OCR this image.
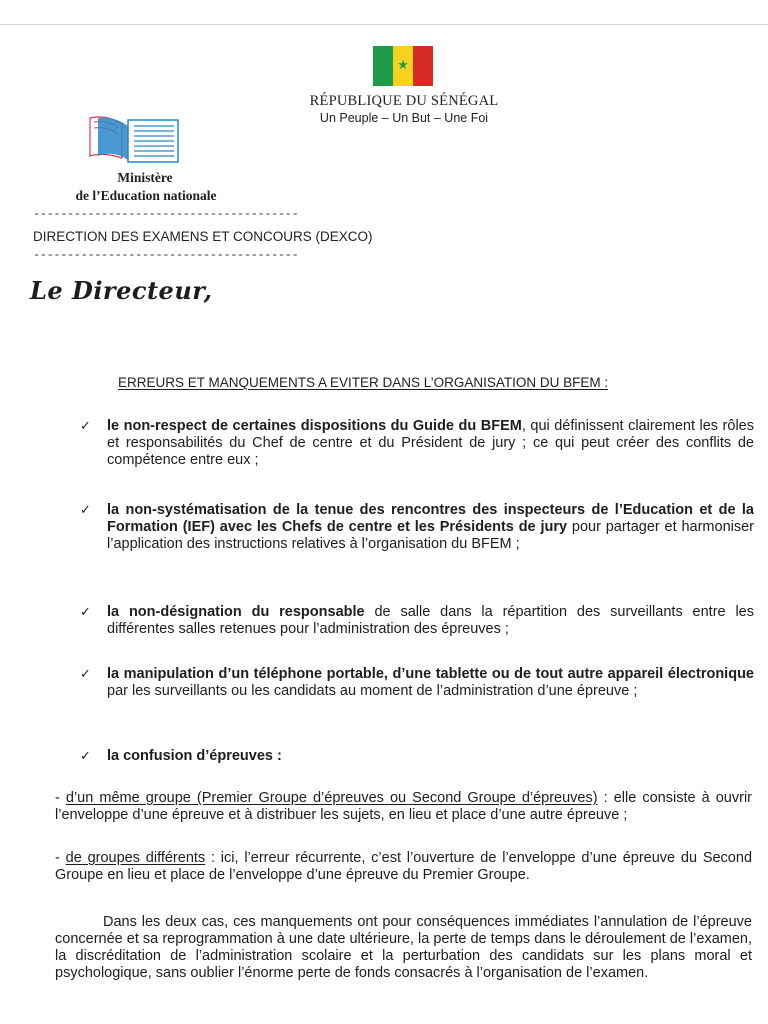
★
RÉPUBLIQUE DU SÉNÉGAL
Un Peuple – Un But – Une Foi
Ministère
de l’Education nationale
---------------------------------------
DIRECTION DES EXAMENS ET CONCOURS (DEXCO)
---------------------------------------
Le Directeur,
ERREURS ET MANQUEMENTS A EVITER DANS L’ORGANISATION DU BFEM :
✓	le non-respect de certaines dispositions du Guide du BFEM, qui définissent clairement les rôles et responsabilités du Chef de centre et du Président de jury ; ce qui peut créer des conflits de compétence entre eux ;
✓	la non-systématisation de la tenue des rencontres des inspecteurs de l’Education et de la Formation (IEF) avec les Chefs de centre et les Présidents de jury pour partager et harmoniser l’application des instructions relatives à l’organisation du BFEM ;
✓	la non-désignation du responsable de salle dans la répartition des surveillants entre les différentes salles retenues pour l’administration des épreuves ;
✓	la manipulation d’un téléphone portable, d’une tablette ou de tout autre appareil électronique par les surveillants ou les candidats au moment de l’administration d’une épreuve ;
✓	la confusion d’épreuves :
- d’un même groupe (Premier Groupe d’épreuves ou Second Groupe d’épreuves) : elle consiste à ouvrir l’enveloppe d’une épreuve et à distribuer les sujets, en lieu et place d’une autre épreuve ;
- de groupes différents : ici, l’erreur récurrente, c’est l’ouverture de l’enveloppe d’une épreuve du Second Groupe en lieu et place de l’enveloppe d’une épreuve du Premier Groupe.
Dans les deux cas, ces manquements ont pour conséquences immédiates l’annulation de l’épreuve concernée et sa reprogrammation à une date ultérieure, la perte de temps dans le déroulement de l’examen, la discréditation de l’administration scolaire et la perturbation des candidats sur les plans moral et psychologique, sans oublier l’énorme perte de fonds consacrés à l’organisation de l’examen.
